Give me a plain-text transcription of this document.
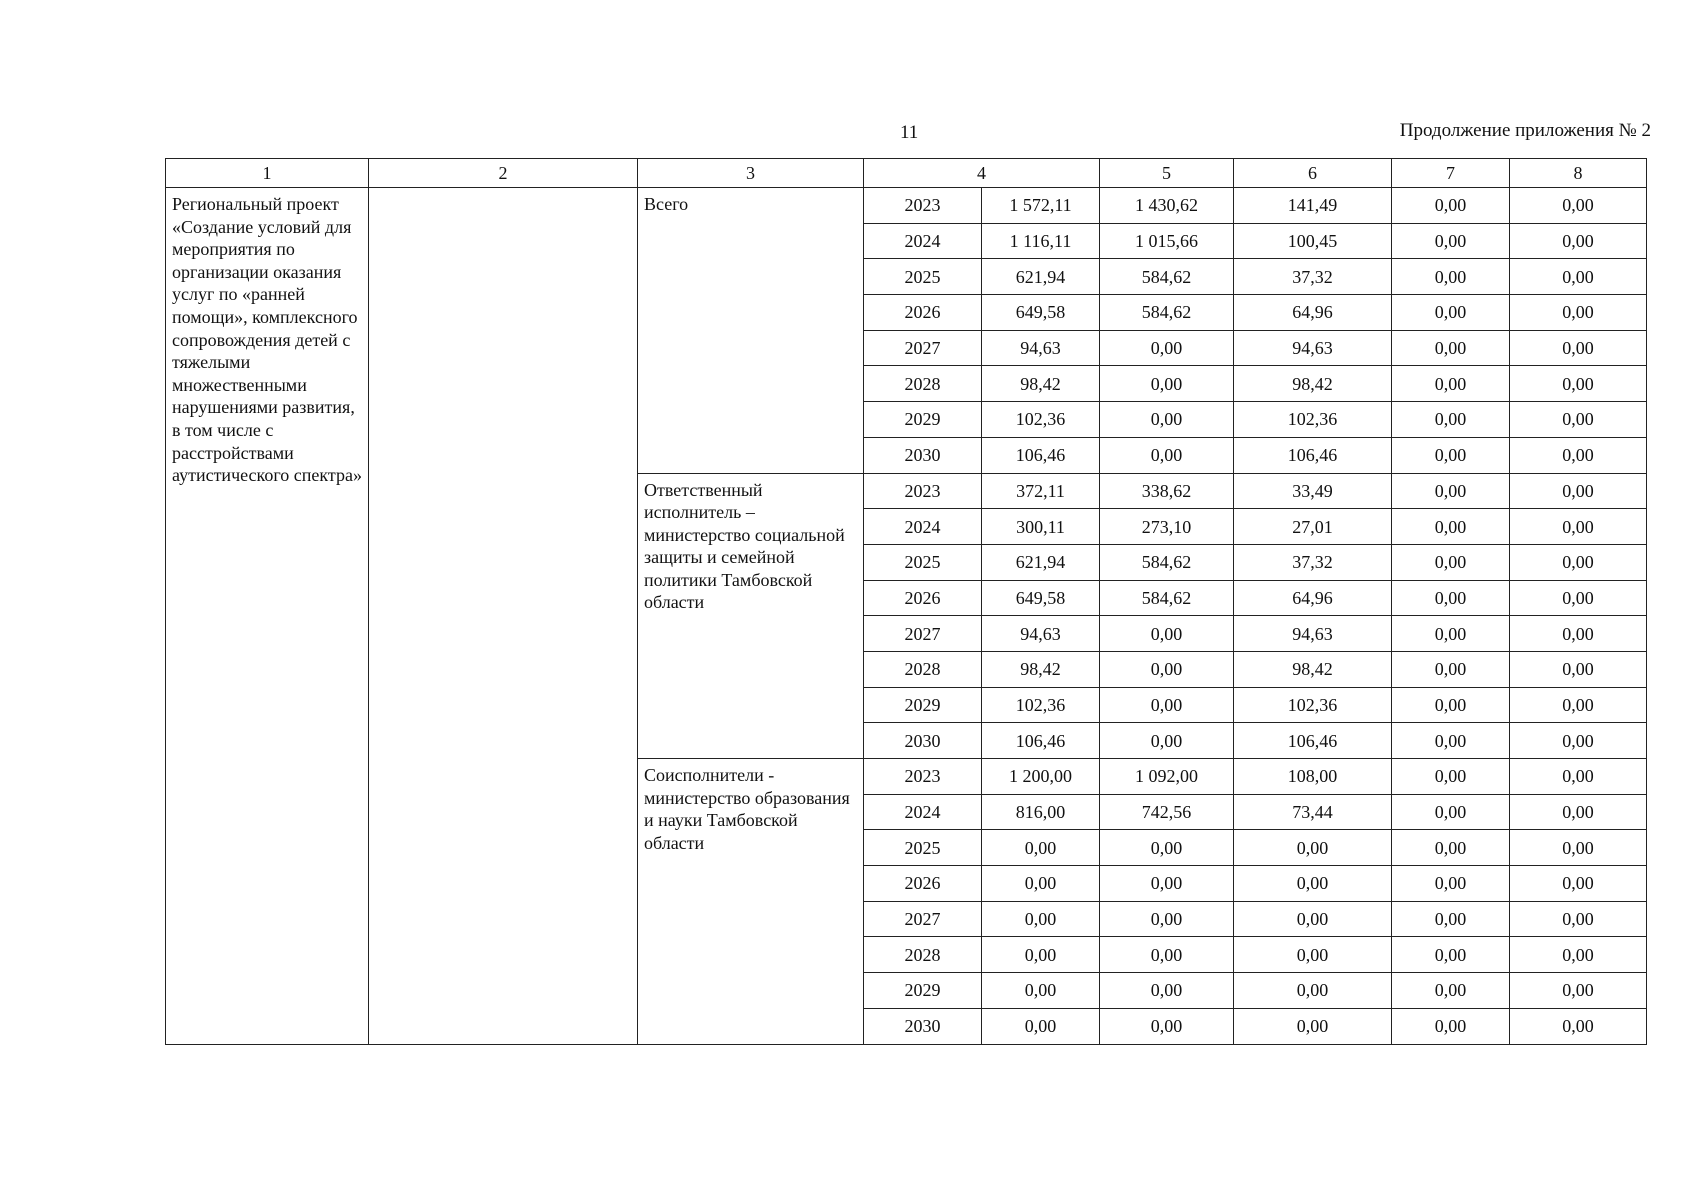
11	Продолжение приложения № 2
1	2	3	4		5	6	7	8
Региональный проект «Создание условий для мероприятия по организации оказания услуг по «ранней помощи», комплексного сопровождения детей с тяжелыми множественными нарушениями развития, в том числе с расстройствами аутистического спектра»		Всего	2023	1 572,11	1 430,62	141,49	0,00	0,00
			2024	1 116,11	1 015,66	100,45	0,00	0,00
			2025	621,94	584,62	37,32	0,00	0,00
			2026	649,58	584,62	64,96	0,00	0,00
			2027	94,63	0,00	94,63	0,00	0,00
			2028	98,42	0,00	98,42	0,00	0,00
			2029	102,36	0,00	102,36	0,00	0,00
			2030	106,46	0,00	106,46	0,00	0,00
		Ответственный исполнитель – министерство социальной защиты и семейной политики Тамбовской области	2023	372,11	338,62	33,49	0,00	0,00
			2024	300,11	273,10	27,01	0,00	0,00
			2025	621,94	584,62	37,32	0,00	0,00
			2026	649,58	584,62	64,96	0,00	0,00
			2027	94,63	0,00	94,63	0,00	0,00
			2028	98,42	0,00	98,42	0,00	0,00
			2029	102,36	0,00	102,36	0,00	0,00
			2030	106,46	0,00	106,46	0,00	0,00
		Соисполнители - министерство образования и науки Тамбовской области	2023	1 200,00	1 092,00	108,00	0,00	0,00
			2024	816,00	742,56	73,44	0,00	0,00
			2025	0,00	0,00	0,00	0,00	0,00
			2026	0,00	0,00	0,00	0,00	0,00
			2027	0,00	0,00	0,00	0,00	0,00
			2028	0,00	0,00	0,00	0,00	0,00
			2029	0,00	0,00	0,00	0,00	0,00
			2030	0,00	0,00	0,00	0,00	0,00
